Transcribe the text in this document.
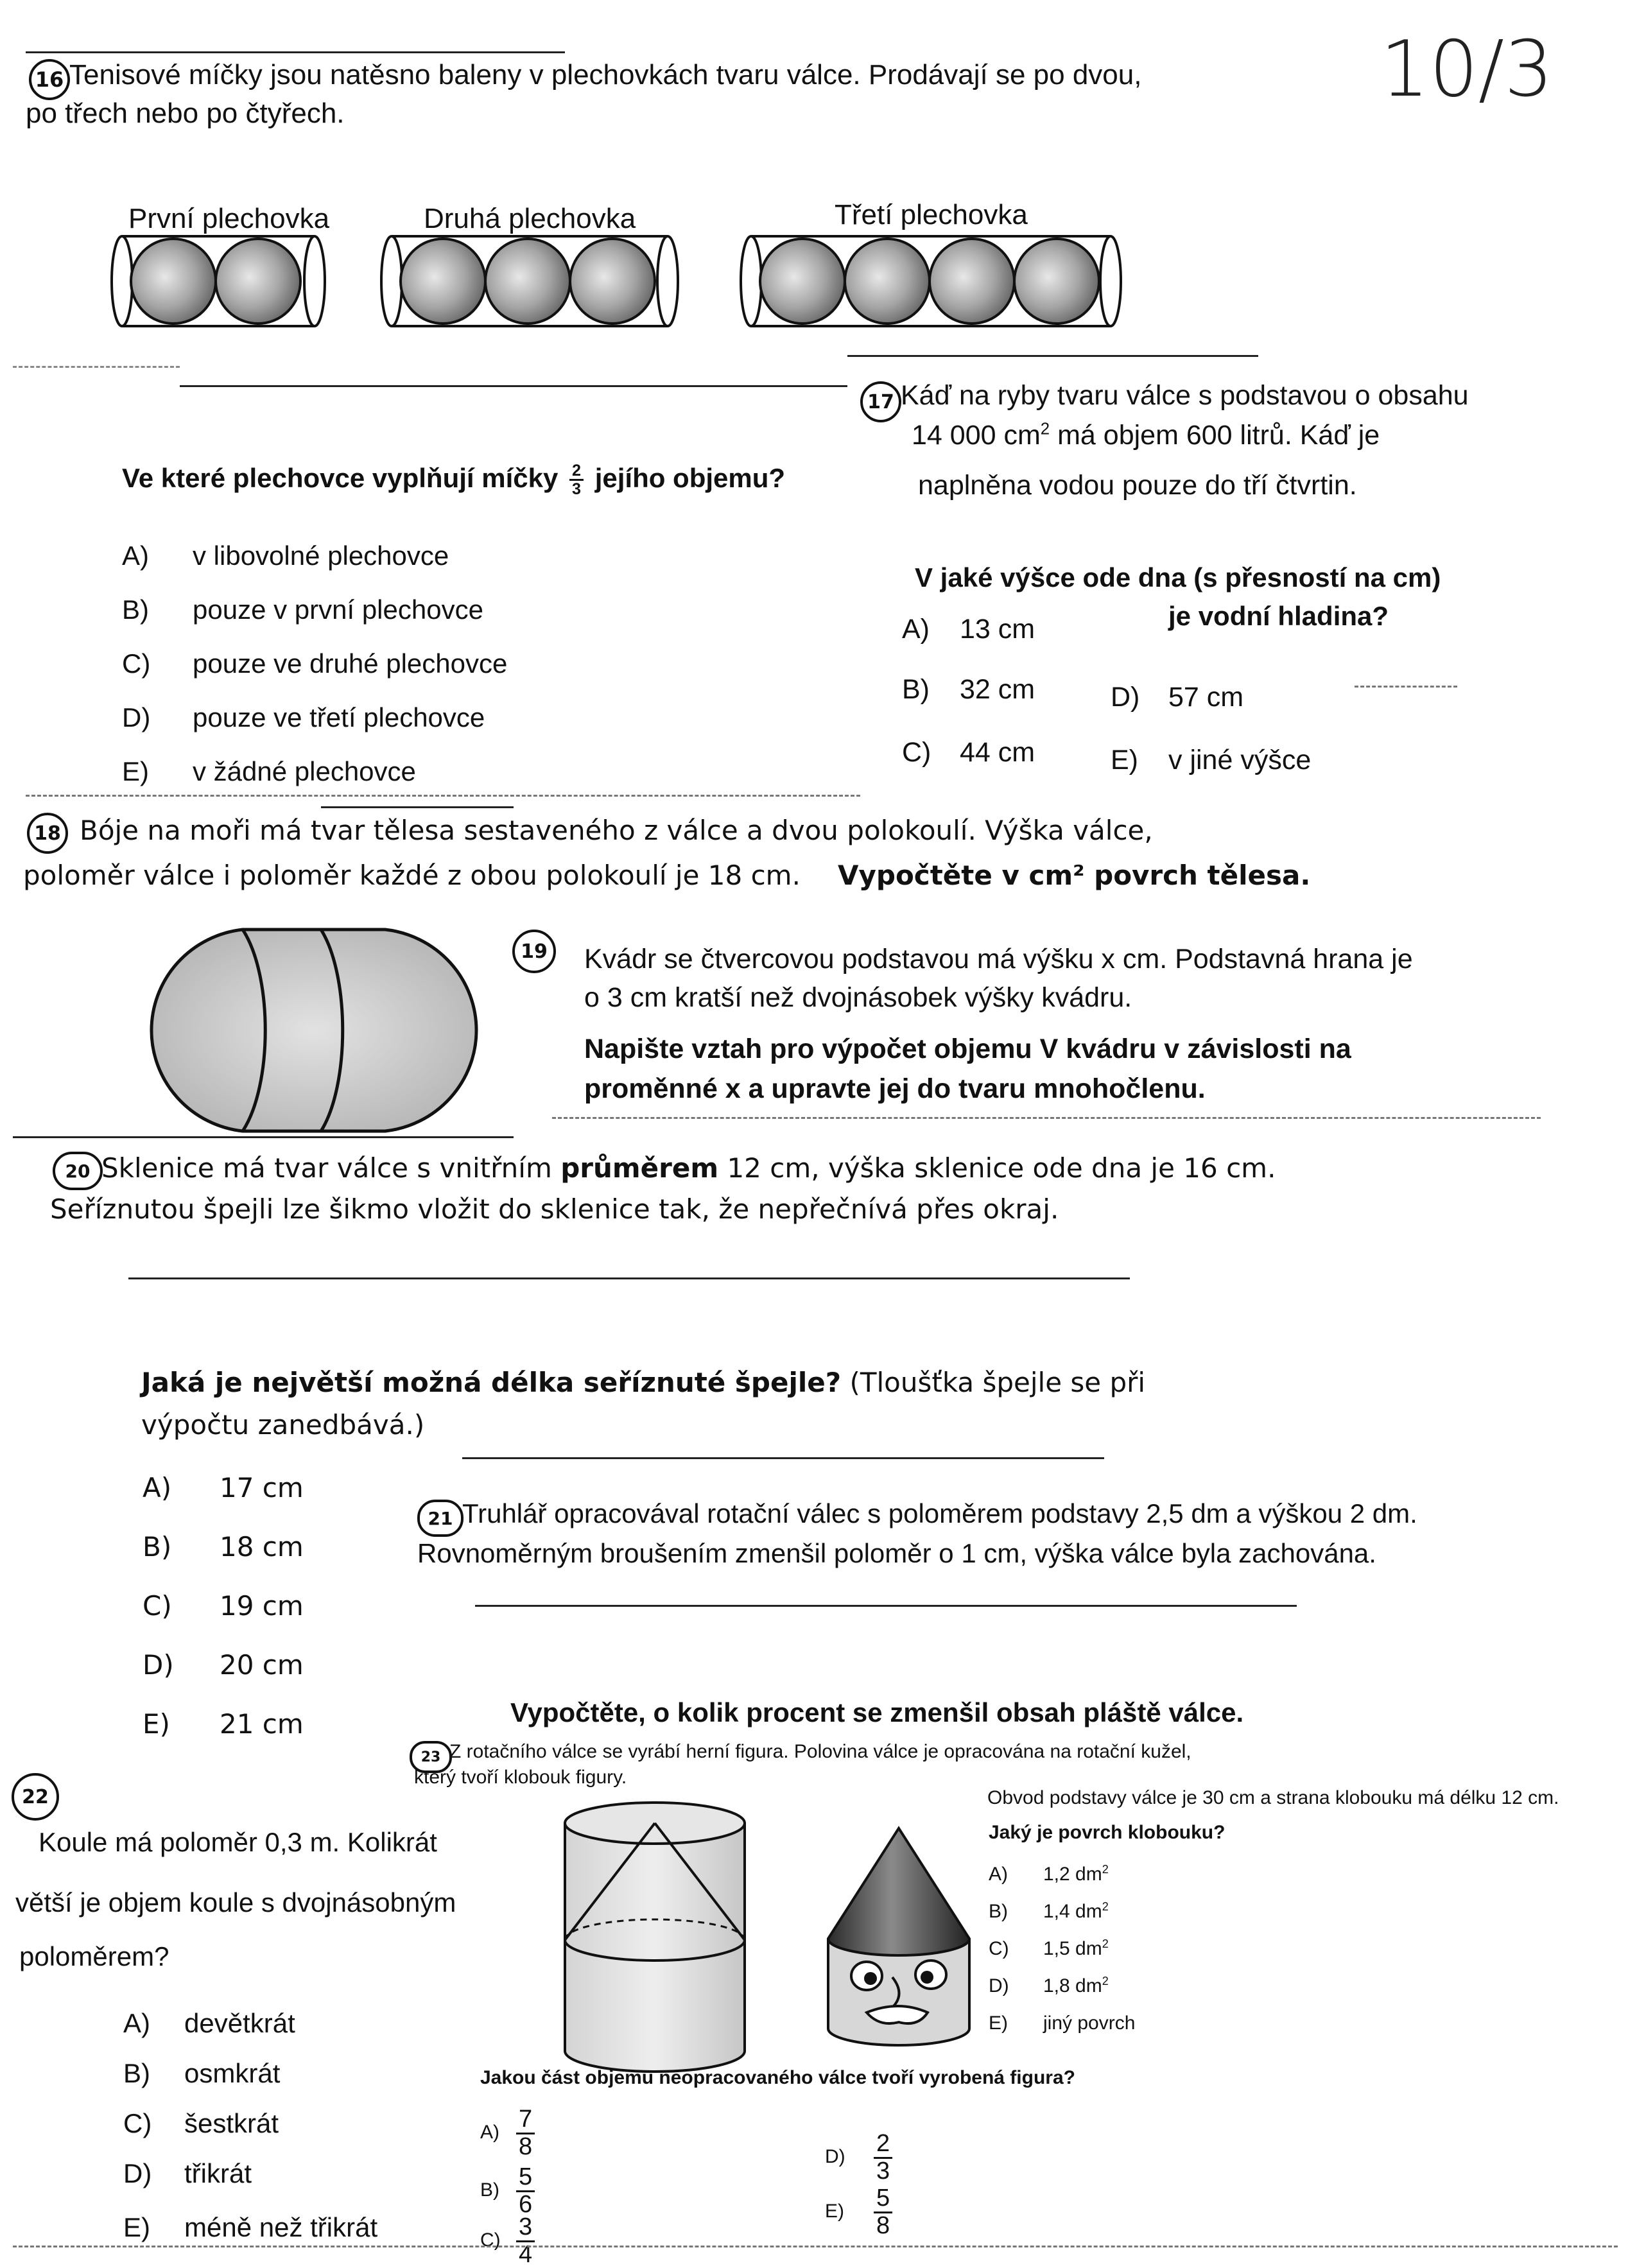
10/3
16 Tenisové míčky jsou natěsno baleny v plechovkách tvaru válce. Prodávají se po dvou,
po třech nebo po čtyřech.
První plechovka	Druhá plechovka	Třetí plechovka
Ve které plechovce vyplňují míčky $\frac{2}{3}$ jejího objemu?
A) v libovolné plechovce
B) pouze v první plechovce
C) pouze ve druhé plechovce
D) pouze ve třetí plechovce
E) v žádné plechovce
17 Káď na ryby tvaru válce s podstavou o obsahu
14 000 $cm^2$ má objem 600 litrů. Káď je
naplněna vodou pouze do tří čtvrtin.
V jaké výšce ode dna (s přesností na cm)
je vodní hladina?
A) 13 cm
B) 32 cm
C) 44 cm
D) 57 cm
E) v jiné výšce
18 Bóje na moři má tvar tělesa sestaveného z válce a dvou polokoulí. Výška válce,
poloměr válce i poloměr každé z obou polokoulí je 18 cm. Vypočtěte v cm² povrch tělesa.
19	Kvádr se čtvercovou podstavou má výšku x cm. Podstavná hrana je
o 3 cm kratší než dvojnásobek výšky kvádru.
Napište vztah pro výpočet objemu V kvádru v závislosti na
proměnné x a upravte jej do tvaru mnohočlenu.
20 Sklenice má tvar válce s vnitřním průměrem 12 cm, výška sklenice ode dna je 16 cm.
Seříznutou špejli lze šikmo vložit do sklenice tak, že nepřečnívá přes okraj.
Jaká je největší možná délka seříznuté špejle? (Tloušťka špejle se při
výpočtu zanedbává.)
A) 17 cm
B) 18 cm
C) 19 cm
D) 20 cm
E) 21 cm
21 Truhlář opracovával rotační válec s poloměrem podstavy 2,5 dm a výškou 2 dm.
Rovnoměrným broušením zmenšil poloměr o 1 cm, výška válce byla zachována.
Vypočtěte, o kolik procent se zmenšil obsah pláště válce.
23 Z rotačního válce se vyrábí herní figura. Polovina válce je opracována na rotační kužel,
který tvoří klobouk figury.
Obvod podstavy válce je 30 cm a strana klobouku má délku 12 cm.
Jaký je povrch klobouku?
A) 1,2 $dm^2$
B) 1,4 $dm^2$
C) 1,5 $dm^2$
D) 1,8 $dm^2$
E) jiný povrch
Jakou část objemu neopracovaného válce tvoří vyrobená figura?
$A) \frac{7}{8}$
$B) \frac{5}{6}$
$C) \frac{3}{4}$
$D) \frac{2}{3}$
$E) \frac{5}{8}$
22
Koule má poloměr 0,3 m. Kolikrát
větší je objem koule s dvojnásobným
poloměrem?
A) devětkrát
B) osmkrát
C) šestkrát
D) třikrát
E) méně než třikrát
